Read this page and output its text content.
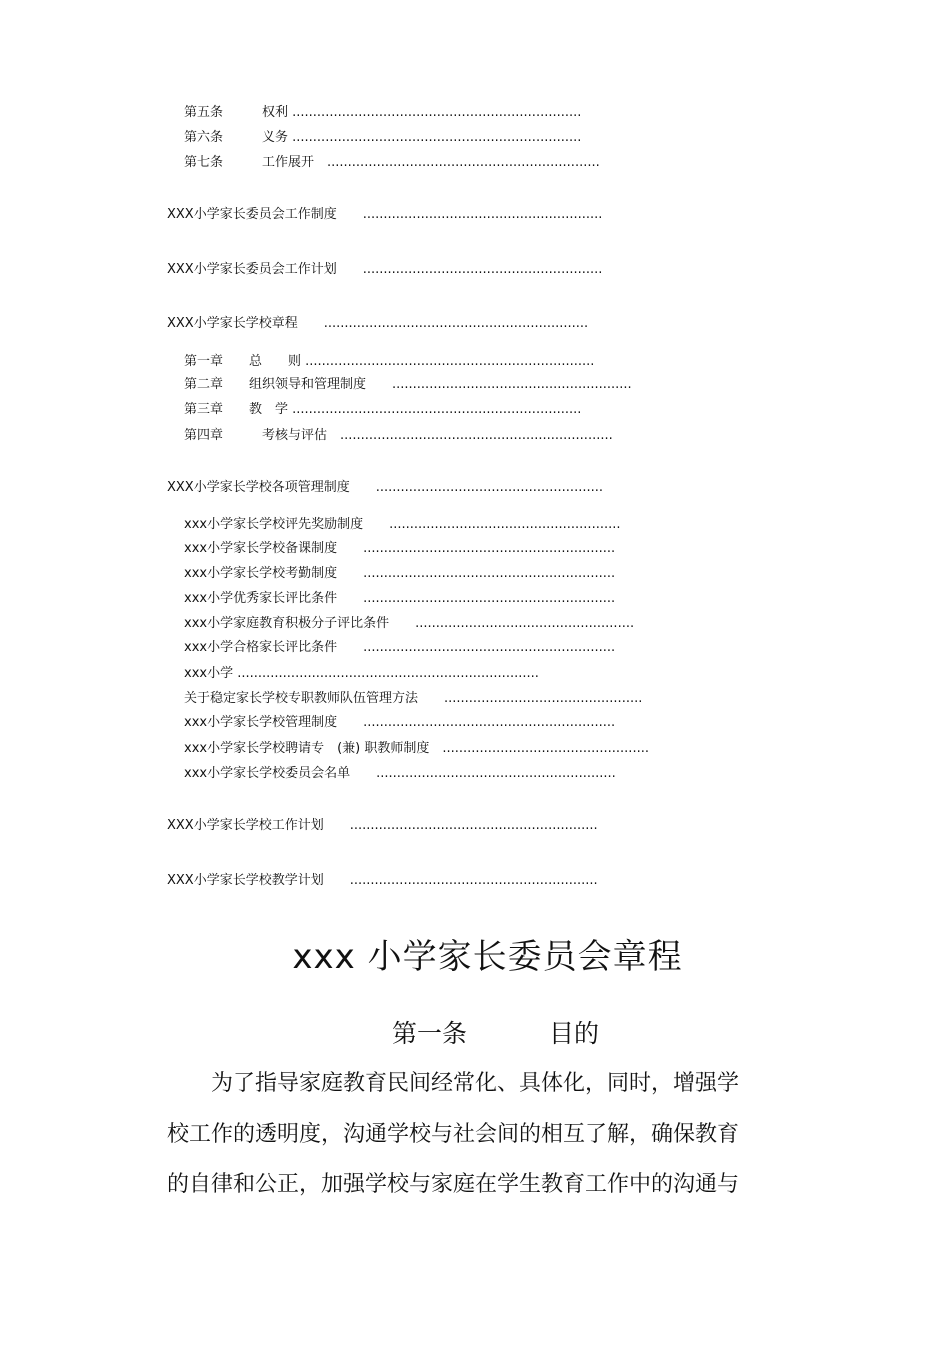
第五条　　　权利 ......................................................................
第六条　　　义务 ......................................................................
第七条　　　工作展开　..................................................................
XXX小学家长委员会工作制度　　..........................................................
XXX小学家长委员会工作计划　　..........................................................
XXX小学家长学校章程　　................................................................
第一章　　总　　则 ......................................................................
第二章　　组织领导和管理制度　　..........................................................
第三章　　教　学 ......................................................................
第四章　　　考核与评估　..................................................................
XXX小学家长学校各项管理制度　　.......................................................
xxx小学家长学校评先奖励制度　　........................................................
xxx小学家长学校备课制度　　.............................................................
xxx小学家长学校考勤制度　　.............................................................
xxx小学优秀家长评比条件　　.............................................................
xxx小学家庭教育积极分子评比条件　　.....................................................
xxx小学合格家长评比条件　　.............................................................
xxx小学 .........................................................................
关于稳定家长学校专职教师队伍管理方法　　................................................
xxx小学家长学校管理制度　　.............................................................
xxx小学家长学校聘请专　(兼) 职教师制度　..................................................
xxx小学家长学校委员会名单　　..........................................................
XXX小学家长学校工作计划　　............................................................
XXX小学家长学校教学计划　　............................................................
xxx 小学家长委员会章程
第一条	目的
　　为了指导家庭教育民间经常化、具体化，同时，增强学
校工作的透明度，沟通学校与社会间的相互了解，确保教育
的自律和公正，加强学校与家庭在学生教育工作中的沟通与
